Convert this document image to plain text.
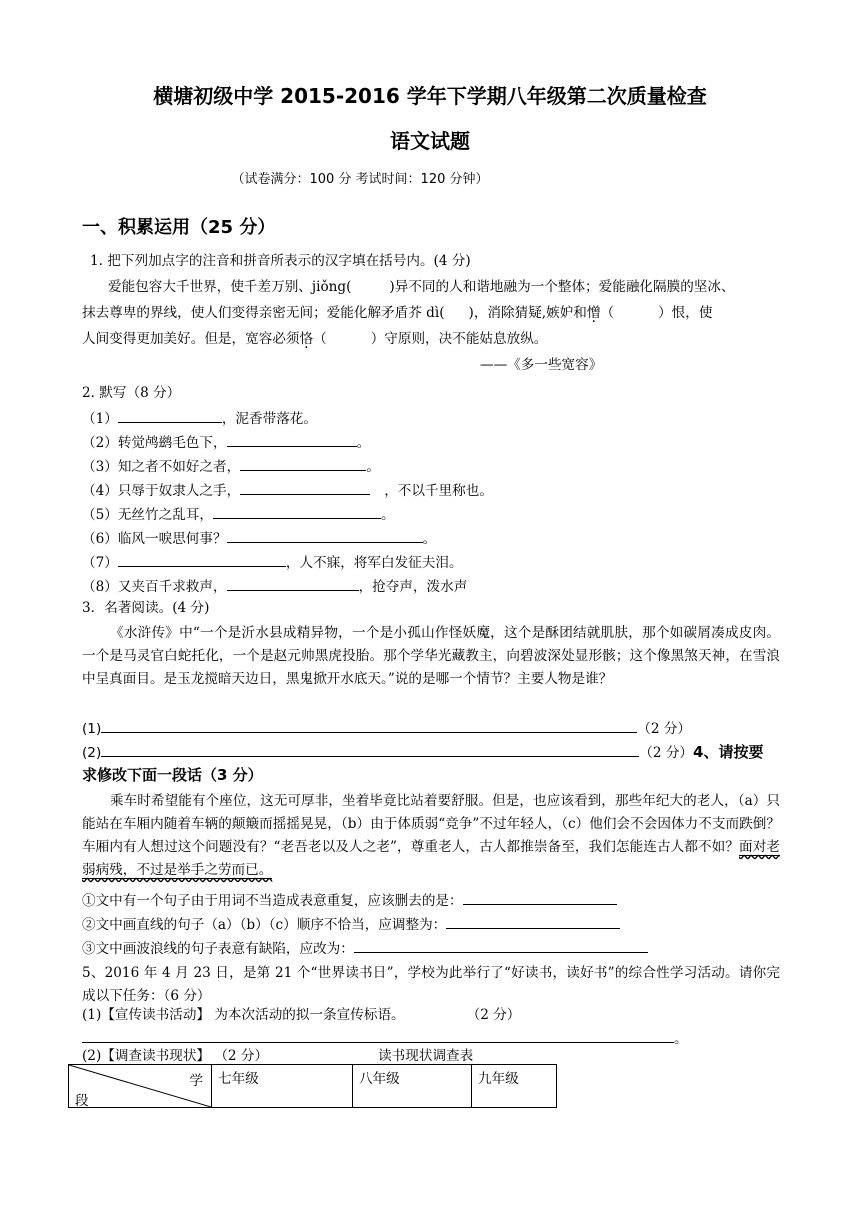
横塘初级中学 2015-2016 学年下学期八年级第二次质量检查
语文试题
（试卷满分：100 分 考试时间：120 分钟）
一、积累运用（25 分）
1. 把下列加点字的注音和拼音所表示的汉字填在括号内。(4 分)
爱能包容大千世界，使千差万别、jiǒng(	)异不同的人和谐地融为一个整体；爱能融化隔膜的坚冰、
抹去尊卑的界线，使人们变得亲密无间；爱能化解矛盾芥 dì( )，消除猜疑,嫉妒和憎（	）恨，使
人间变得更加美好。但是，宽容必须恪（	）守原则，决不能姑息放纵。
——《多一些宽容》
2. 默写（8 分）
（1）	，泥香带落花。
（2）转觉鸬鹚毛色下，	。
（3）知之者不如好之者，	。
（4）只辱于奴隶人之手，	，不以千里称也。
（5）无丝竹之乱耳，	。
（6）临风一唳思何事？	。
（7）	，人不寐，将军白发征夫泪。
（8）又夹百千求救声，	，抢夺声，泼水声
3．名著阅读。(4 分)
《水浒传》中“一个是沂水县成精异物，一个是小孤山作怪妖魔，这个是酥团结就肌肤，那个如碳屑凑成皮肉。一个是马灵官白蛇托化，一个是赵元帅黑虎投胎。那个学华光藏教主，向碧波深处显形骸；这个像黑煞天神，在雪浪中呈真面目。是玉龙搅暗天边日，黑鬼掀开水底天。”说的是哪一个情节？主要人物是谁？
(1)	（2 分）
(2)	（2 分）4、请按要
求修改下面一段话（3 分）
乘车时希望能有个座位，这无可厚非，坐着毕竟比站着要舒服。但是，也应该看到，那些年纪大的老人，（a）只能站在车厢内随着车辆的颠簸而摇摇晃晃，（b）由于体质弱“竞争”不过年轻人，（c）他们会不会因体力不支而跌倒？车厢内有人想过这个问题没有？“老吾老以及人之老”，尊重老人，古人都推崇备至，我们怎能连古人都不如？面对老弱病残，不过是举手之劳而已。
①文中有一个句子由于用词不当造成表意重复，应该删去的是：
②文中画直线的句子（a）（b）（c）顺序不恰当，应调整为：
③文中画波浪线的句子表意有缺陷，应改为：
5、2016 年 4 月 23 日，是第 21 个“世界读书日”，学校为此举行了“好读书，读好书”的综合性学习活动。请你完成以下任务：（6 分）
(1)【宣传读书活动】 为本次活动的拟一条宣传标语。	（2 分）
。
(2)【调查读书现状】 （2 分）	读书现状调查表
学
段
	七年级	八年级	九年级
